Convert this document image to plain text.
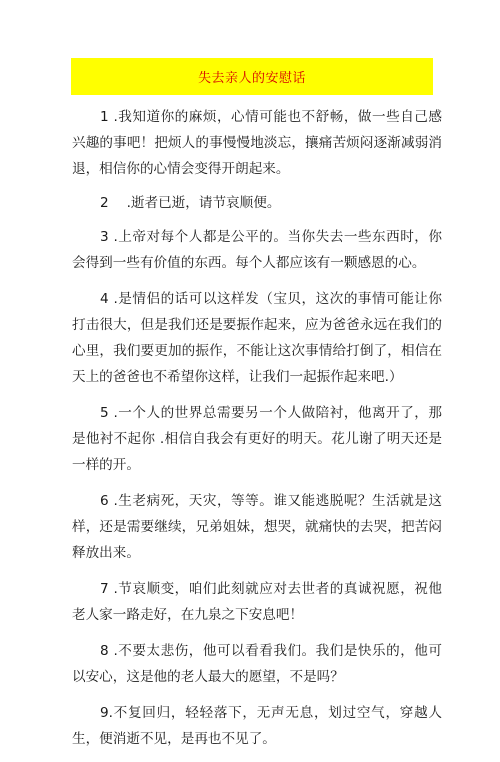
失去亲人的安慰话

1 .我知道你的麻烦，心情可能也不舒畅，做一些自己感兴趣的事吧！把烦人的事慢慢地淡忘，攘痛苦烦闷逐渐减弱消退，相信你的心情会变得开朗起来。

2 　.逝者已逝，请节哀顺便。

3 .上帝对每个人都是公平的。当你失去一些东西时，你会得到一些有价值的东西。每个人都应该有一颗感恩的心。

4 .是情侣的话可以这样发（宝贝，这次的事情可能让你打击很大，但是我们还是要振作起来，应为爸爸永远在我们的心里，我们要更加的振作，不能让这次事情给打倒了，相信在天上的爸爸也不希望你这样，让我们一起振作起来吧.）

5 .一个人的世界总需要另一个人做陪衬，他离开了，那是他衬不起你 .相信自我会有更好的明天。花儿谢了明天还是一样的开。

6 .生老病死，天灾，等等。谁又能逃脱呢？生活就是这样，还是需要继续，兄弟姐妹，想哭，就痛快的去哭，把苦闷释放出来。

7 .节哀顺变，咱们此刻就应对去世者的真诚祝愿，祝他老人家一路走好，在九泉之下安息吧！

8 .不要太悲伤，他可以看看我们。我们是快乐的，他可以安心，这是他的老人最大的愿望，不是吗？

9.不复回归，轻轻落下，无声无息，划过空气，穿越人生，便消逝不见，是再也不见了。
